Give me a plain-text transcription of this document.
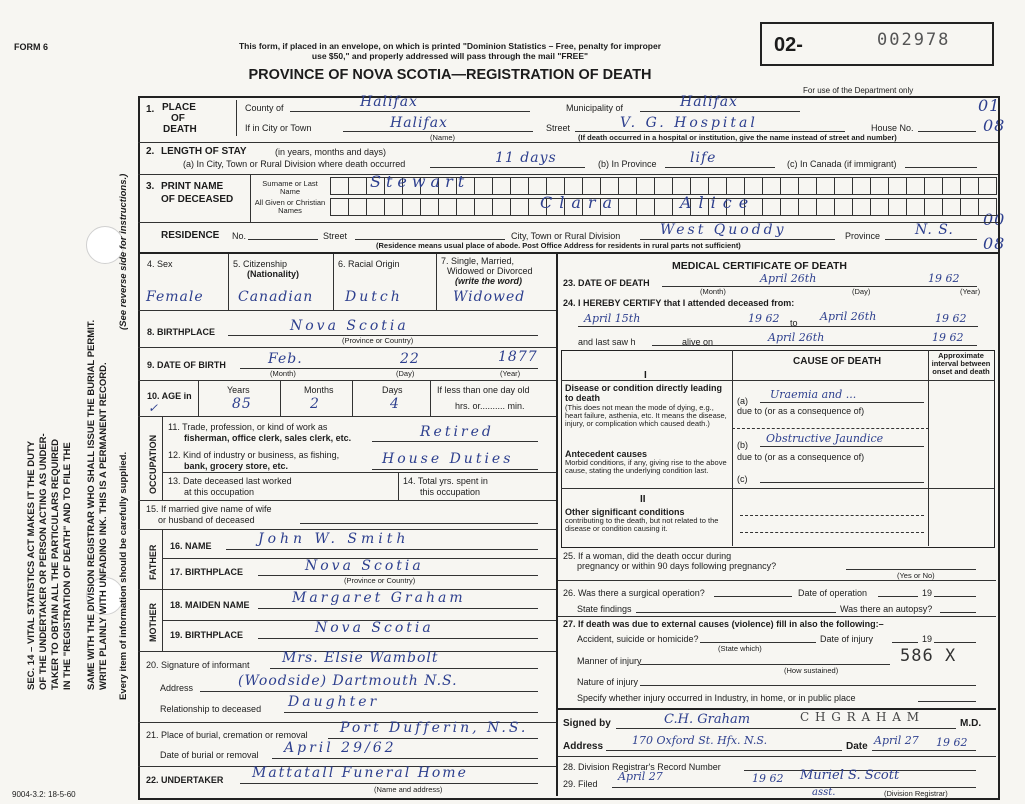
FORM 6	This form, if placed in an envelope, on which is printed "Dominion Statistics – Free, penalty for improper
use $50," and properly addressed will pass through the mail "FREE"	02-	002978
PROVINCE OF NOVA SCOTIA—REGISTRATION OF DEATH
For use of the Department only
01
08
00
08
SEC. 14 – VITAL STATISTICS ACT MAKES IT THE DUTY OF THE UNDERTAKER OR PERSON ACTING AS UNDER- TAKER TO OBTAIN ALL THE PARTICULARS REQUIRED IN THE "REGISTRATION OF DEATH" AND TO FILE THE SAME WITH THE DIVISION REGISTRAR WHO SHALL ISSUE THE BURIAL PERMIT. WRITE PLAINLY WITH UNFADING INK. THIS IS A PERMANENT RECORD.
(See reverse side for instructions.)
Every item of information should be carefully supplied.
1. PLACE
OF
DEATH
County of	Halifax	Municipality of	Halifax
If in City or Town	Halifax
(Name)
Street	V. G. Hospital	House No.
(If death occurred in a hospital or institution, give the name instead of street and number)
2. LENGTH OF STAY	(in years, months and days)
(a) In City, Town or Rural Division where death occurred	11 days	(b) In Province life	(c) In Canada (if immigrant)
3. PRINT NAME
OF DECEASED
Surname or Last Name
All Given or Christian Names
Stewart
Clara	Alice
RESIDENCE No.	Street	City, Town or Rural Division	West Quoddy	Province N. S.
(Residence means usual place of abode. Post Office Address for residents in rural parts not sufficient)
4. Sex
Female
5. Citizenship
(Nationality)
Canadian
6. Racial Origin
Dutch
7. Single, Married,
Widowed or Divorced
(write the word)
Widowed
8. BIRTHPLACE	Nova Scotia
(Province or Country)
9. DATE OF BIRTH	Feb.	22	1877
(Month)	(Day)	(Year)
10. AGE in
✓
Years
85
Months
2
Days
4
If less than one day old
hrs. or.......... min.
OCCUPATION
11. Trade, profession, or kind of work as
fisherman, office clerk, sales clerk, etc.	Retired
12. Kind of industry or business, as fishing,
bank, grocery store, etc.	House Duties
13. Date deceased last worked
at this occupation
14. Total yrs. spent in
this occupation
15. If married give name of wife
or husband of deceased
FATHER 16. NAME	John W. Smith
17. BIRTHPLACE	Nova Scotia
(Province or Country)
MOTHER 18. MAIDEN NAME	Margaret Graham
19. BIRTHPLACE	Nova Scotia
20. Signature of informant Mrs. Elsie Wambolt
Address	(Woodside) Dartmouth N.S.
Relationship to deceased Daughter
21. Place of burial, cremation or removal Port Dufferin, N.S.
Date of burial or removal April 29/62
22. UNDERTAKER Mattatall Funeral Home
(Name and address)
MEDICAL CERTIFICATE OF DEATH
23. DATE OF DEATH	April 26th	19 62
(Month)	(Day)	(Year)
24. I HEREBY CERTIFY that I attended deceased from:
April 15th	19 62 to April 26th	19 62
and last saw h	alive on	April 26th	19 62
CAUSE OF DEATH
Approximate interval between onset and death
I
Disease or condition directly leading to death
(This does not mean the mode of dying, e.g., heart failure, asthenia, etc. It means the disease, injury, or complication which caused death.)
(a) Uraemia and ...
due to (or as a consequence of)
(b) Obstructive Jaundice
due to (or as a consequence of)
Antecedent causes
Morbid conditions, if any, giving rise to the above cause, stating the underlying condition last.
(c)
II
Other significant conditions
contributing to the death, but not related to the disease or condition causing it.
25. If a woman, did the death occur during
pregnancy or within 90 days following pregnancy?
(Yes or No)
26. Was there a surgical operation?	Date of operation	19
State findings	Was there an autopsy?
27. If death was due to external causes (violence) fill in also the following:–
Accident, suicide or homicide?	Date of injury	19
(State which)
Manner of injury	586 X
(How sustained)
Nature of injury
Specify whether injury occurred in Industry, in home, or in public place
Signed by	C.H. Graham	C H G R A H A M	M.D.
Address	170 Oxford St. Hfx. N.S.	Date April 27 19 62
28. Division Registrar's Record Number
29. Filed
April 27	19 62 Muriel S. Scott
(Division Registrar)
asst.
9004-3.2: 18-5-60
